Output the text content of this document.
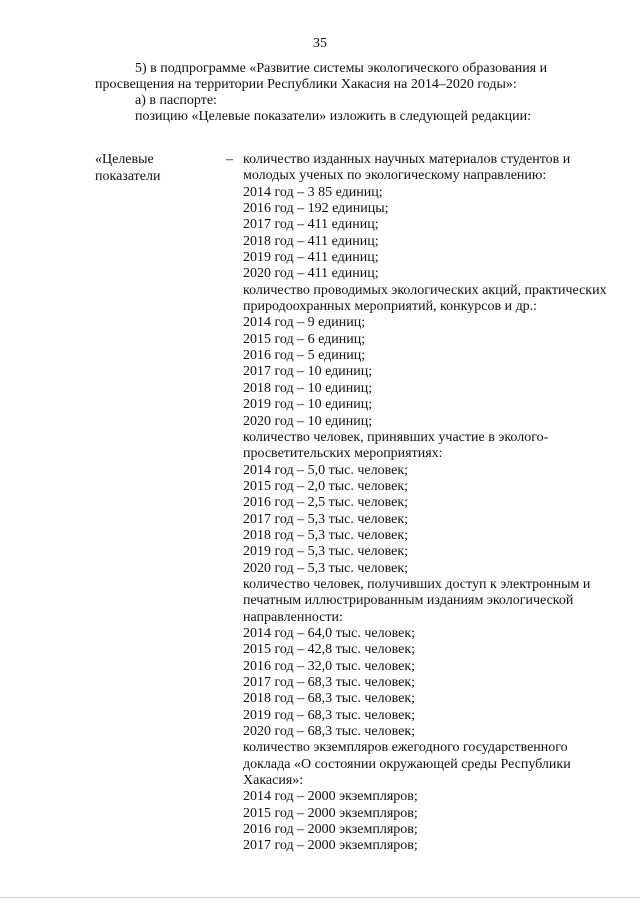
35
5) в подпрограмме «Развитие системы экологического образования и
просвещения на территории Республики Хакасия на 2014–2020 годы»:
а) в паспорте:
позицию «Целевые показатели» изложить в следующей редакции:
«Целевые
показатели
– количество изданных научных материалов студентов и
молодых ученых по экологическому направлению:
2014 год – 3 85 единиц;
2016 год – 192 единицы;
2017 год – 411 единиц;
2018 год – 411 единиц;
2019 год – 411 единиц;
2020 год – 411 единиц;
количество проводимых экологических акций, практических
природоохранных мероприятий, конкурсов и др.:
2014 год – 9 единиц;
2015 год – 6 единиц;
2016 год – 5 единиц;
2017 год – 10 единиц;
2018 год – 10 единиц;
2019 год – 10 единиц;
2020 год – 10 единиц;
количество человек, принявших участие в эколого-
просветительских мероприятиях:
2014 год – 5,0 тыс. человек;
2015 год – 2,0 тыс. человек;
2016 год – 2,5 тыс. человек;
2017 год – 5,3 тыс. человек;
2018 год – 5,3 тыс. человек;
2019 год – 5,3 тыс. человек;
2020 год – 5,3 тыс. человек;
количество человек, получивших доступ к электронным и
печатным иллюстрированным изданиям экологической
направленности:
2014 год – 64,0 тыс. человек;
2015 год – 42,8 тыс. человек;
2016 год – 32,0 тыс. человек;
2017 год – 68,3 тыс. человек;
2018 год – 68,3 тыс. человек;
2019 год – 68,3 тыс. человек;
2020 год – 68,3 тыс. человек;
количество экземпляров ежегодного государственного
доклада «О состоянии окружающей среды Республики
Хакасия»:
2014 год – 2000 экземпляров;
2015 год – 2000 экземпляров;
2016 год – 2000 экземпляров;
2017 год – 2000 экземпляров;
